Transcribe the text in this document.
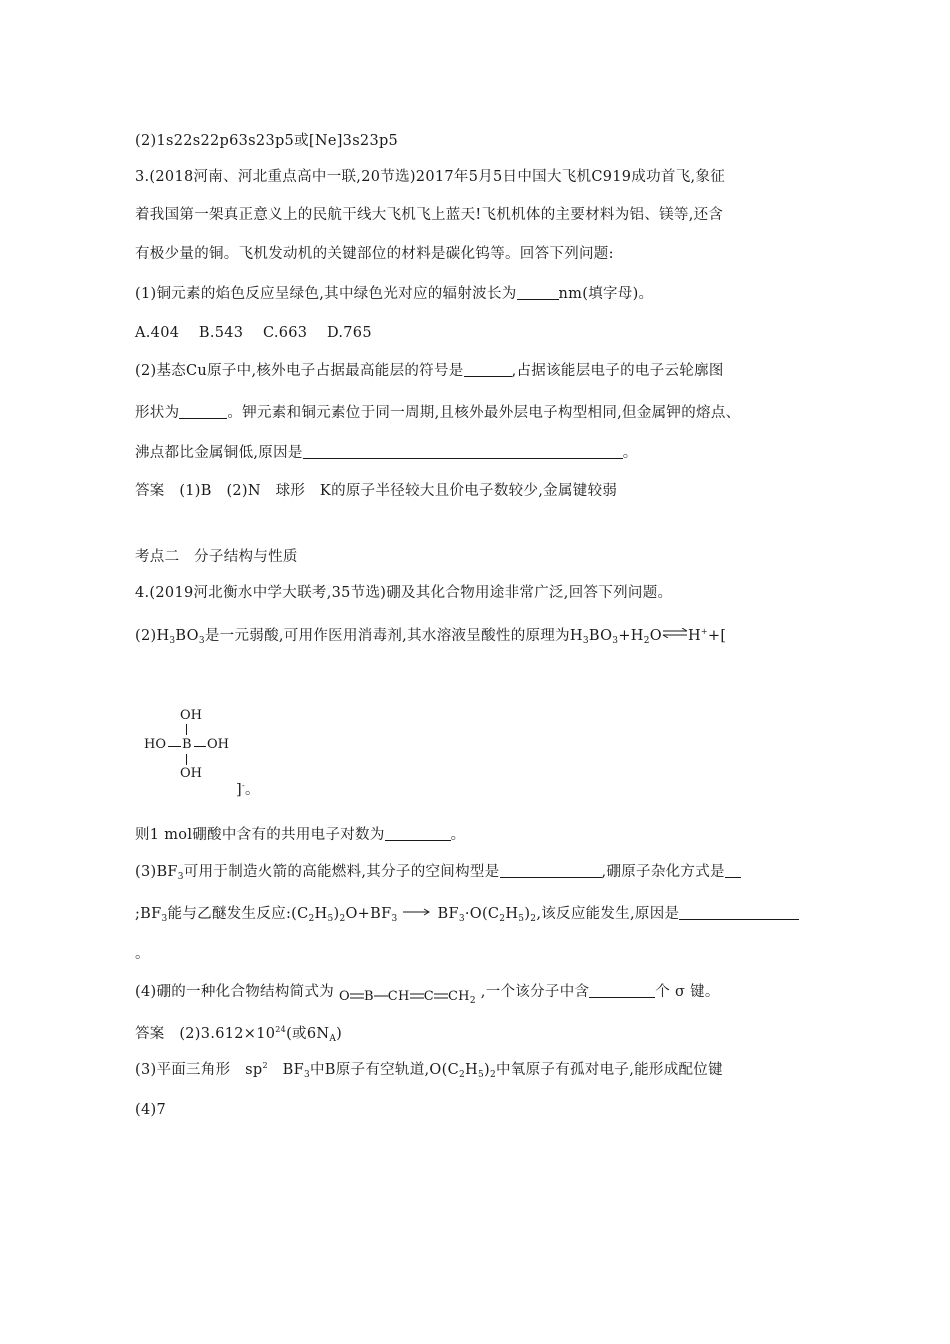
(2)1s22s22p63s23p5或[Ne]3s23p5
3.(2018河南、河北重点高中一联,20节选)2017年5月5日中国大飞机C919成功首飞,象征
着我国第一架真正意义上的民航干线大飞机飞上蓝天!飞机机体的主要材料为铝、镁等,还含
有极少量的铜。飞机发动机的关键部位的材料是碳化钨等。回答下列问题:
(1)铜元素的焰色反应呈绿色,其中绿色光对应的辐射波长为	nm(填字母)。
A.404    B.543    C.663    D.765
(2)基态Cu原子中,核外电子占据最高能层的符号是	,占据该能层电子的电子云轮廓图
形状为	。钾元素和铜元素位于同一周期,且核外最外层电子构型相同,但金属钾的熔点、
沸点都比金属铜低,原因是	。
答案   (1)B   (2)N   球形   K的原子半径较大且价电子数较少,金属键较弱
考点二   分子结构与性质
4.(2019河北衡水中学大联考,35节选)硼及其化合物用途非常广泛,回答下列问题。
$(2)H_3BO_3$是一元弱酸,可用作医用消毒剂,其水溶液呈酸性的原理为$H_3BO_3+H_2O\rightleftharpoons H^++$[
OH
HO B OH
OH
]-。
则1 mol硼酸中含有的共用电子对数为	。
$(3)BF_3$可用于制造火箭的高能燃料,其分子的空间构型是	,硼原子杂化方式是
$;BF_3$能与乙醚发生反应$:(C_2H_5)_2O+BF_3 \to BF_3\cdot O(C_2H_5)_2$,该反应能发生,原因是
。
(4)硼的一种化合物结构简式为 O B CH C $CH_2$ ,一个该分子中含	个 σ 键。
答案   $(2)3.612\times 10^{24}$(或$6N_A$)
(3)平面三角形   $sp^2$   $BF_3$中B原子有空轨道$,O(C_2H_5)_2$中氧原子有孤对电子,能形成配位键
(4)7
